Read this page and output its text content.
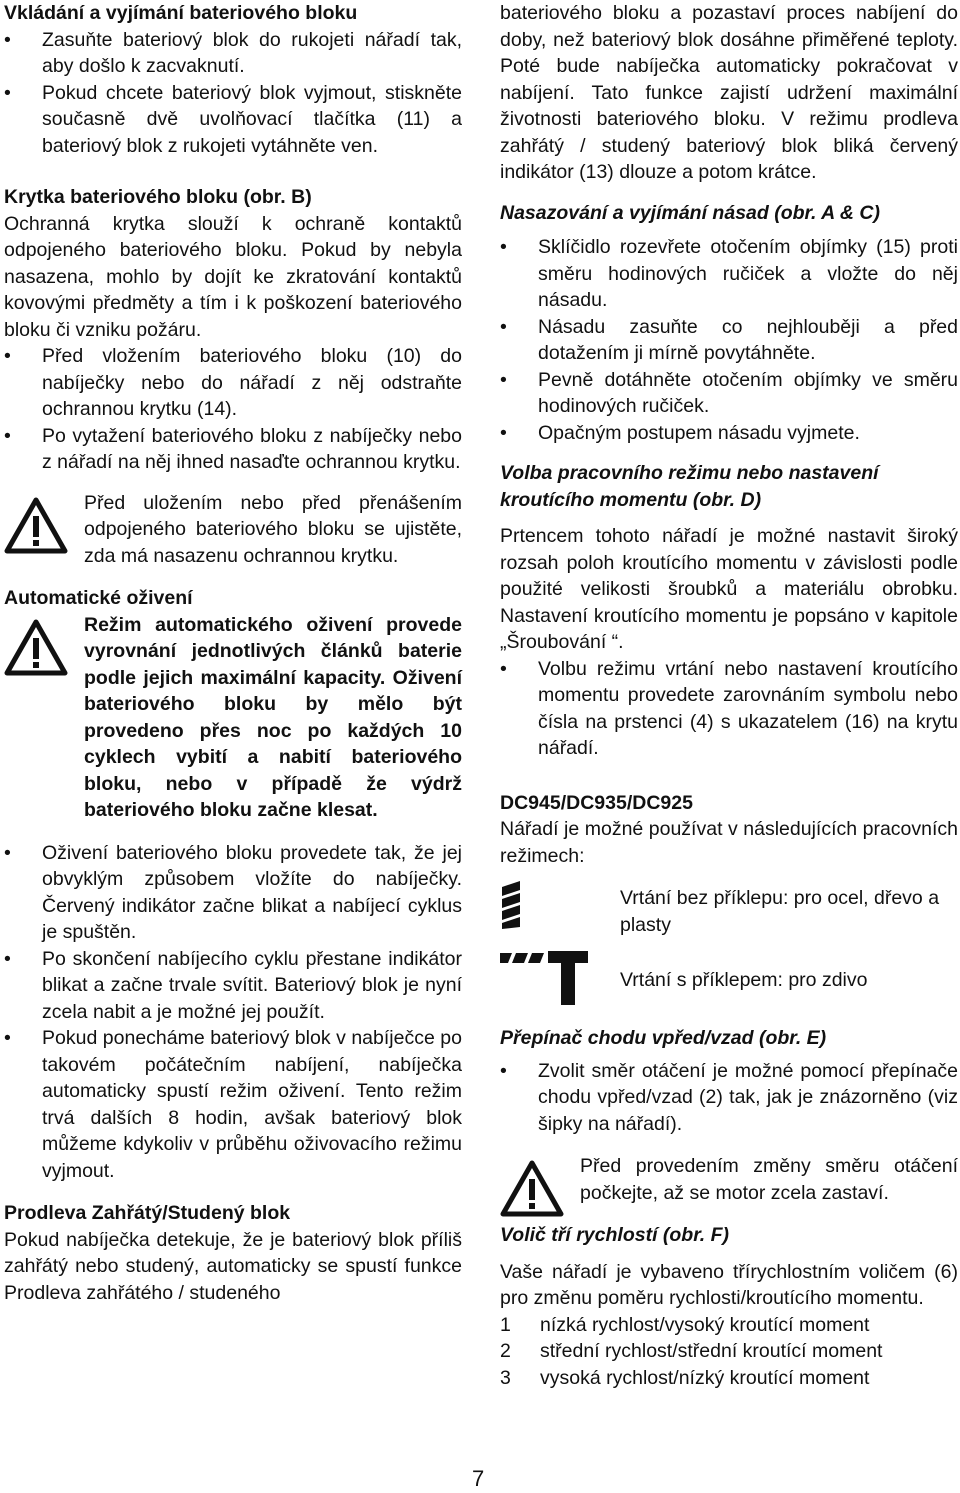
Vkládání a vyjímání bateriového bloku
• Zasuňte bateriový blok do rukojeti nářadí tak, aby došlo k zacvaknutí.
• Pokud chcete bateriový blok vyjmout, stiskněte současně dvě uvolňovací tlačítka (11) a bateriový blok z rukojeti vytáhněte ven.
Krytka bateriového bloku (obr. B)

Ochranná krytka slouží k ochraně kontaktů odpojeného bateriového bloku. Pokud by nebyla nasazena, mohlo by dojít ke zkratování kontaktů kovovými předměty a tím i k poškození bateriového bloku či vzniku požáru.

• Před vložením bateriového bloku (10) do nabíječky nebo do nářadí z něj odstraňte ochrannou krytku (14).
• Po vytažení bateriového bloku z nabíječky nebo z nářadí na něj ihned nasaďte ochrannou krytku.

Před uložením nebo před přenášením odpojeného bateriového bloku se ujistěte, zda má nasazenu ochrannou krytku.

Automatické oživení

Režim automatického oživení provede vyrovnání jednotlivých článků baterie podle jejich maximální kapacity. Oživení bateriového bloku by mělo být provedeno přes noc po každých 10 cyklech vybití a nabití bateriového bloku, nebo v případě že výdrž bateriového bloku začne klesat.

• Oživení bateriového bloku provedete tak, že jej obvyklým způsobem vložíte do nabíječky. Červený indikátor začne blikat a nabíjecí cyklus je spuštěn.
• Po skončení nabíjecího cyklu přestane indikátor blikat a začne trvale svítit. Bateriový blok je nyní zcela nabit a je možné jej použít.
• Pokud ponecháme bateriový blok v nabíječce po takovém počátečním nabíjení, nabíječka automaticky spustí režim oživení. Tento režim trvá dalších 8 hodin, avšak bateriový blok můžeme kdykoliv v průběhu oživovacího režimu vyjmout.
Prodleva Zahřátý/Studený blok

Pokud nabíječka detekuje, že je bateriový blok příliš zahřátý nebo studený, automaticky se spustí funkce Prodleva zahřátého / studeného

bateriového bloku a pozastaví proces nabíjení do doby, než bateriový blok dosáhne přiměřené teploty. Poté bude nabíječka automaticky pokračovat v nabíjení. Tato funkce zajistí udržení maximální životnosti bateriového bloku. V režimu prodleva zahřátý / studený bateriový blok bliká červený indikátor (13) dlouze a potom krátce.

Nasazování a vyjímání násad (obr. A & C)
• Sklíčidlo rozevřete otočením objímky (15) proti směru hodinových ručiček a vložte do něj násadu.
• Násadu zasuňte co nejhlouběji a před dotažením ji mírně povytáhněte.
• Pevně dotáhněte otočením objímky ve směru hodinových ručiček.
• Opačným postupem násadu vyjmete.
Volba pracovního režimu nebo nastavení kroutícího momentu (obr. D)

Prtencem tohoto nářadí je možné nastavit široký rozsah poloh kroutícího momentu v závislosti podle použité velikosti šroubků a materiálu obrobku. Nastavení kroutícího momentu je popsáno v kapitole „Šroubování “.

• Volbu režimu vrtání nebo nastavení kroutícího momentu provedete zarovnáním symbolu nebo čísla na prstenci (4) s ukazatelem (16) na krytu nářadí.
DC945/DC935/DC925

Nářadí je možné používat v následujících pracovních režimech:

Vrtání bez příklepu: pro ocel, dřevo a plasty
Vrtání s příklepem: pro zdivo
Přepínač chodu vpřed/vzad (obr. E)
• Zvolit směr otáčení je možné pomocí přepínače chodu vpřed/vzad (2) tak, jak je znázorněno (viz šipky na nářadí).

Před provedením změny směru otáčení počkejte, až se motor zcela zastaví.

Volič tří rychlostí (obr. F)

Vaše nářadí je vybaveno třírychlostním voličem (6) pro změnu poměru rychlosti/kroutícího momentu.

1 nízká rychlost/vysoký kroutící moment
2 střední rychlost/střední kroutící moment
3 vysoká rychlost/nízký kroutící moment
7
